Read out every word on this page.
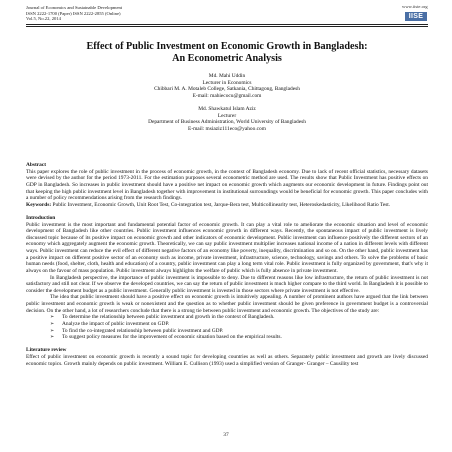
Journal of Economics and Sustainable Development
ISSN 2222-1700 (Paper) ISSN 2222-2855 (Online)
Vol.5, No.22, 2014
www.iiste.org
IISE
Effect of Public Investment on Economic Growth in Bangladesh:
An Econometric Analysis
Md. Mahi Uddin
Lecturer in Economics
Chibbari M. A. Motaleb College, Satkania, Chittagong, Bangladesh
E-mail: mahiecocu@gmail.com
Md. Shawkatul Islam Aziz
Lecturer
Department of Business Administration, World University of Bangladesh
E-mail: msiaziz111eco@yahoo.com

Abstract

This paper explores the role of public investment in the process of economic growth, in the context of Bangladesh economy. Due to lack of recent official statistics, necessary datasets were devised by the author for the period 1973-2011. For the estimation purposes several econometric method are used. The results show that Public Investment has positive effects on GDP in Bangladesh. So increases in public investment should have a positive net impact on economic growth which augments our economic development in future. Findings point out that keeping the high public investment level in Bangladesh together with improvement in institutional surroundings would be beneficial for economic growth. This paper concludes with a number of policy recommendations arising from the research findings.

Keywords: Public Investment, Economic Growth, Unit Root Test, Co-integration test, Jarque-Bera test, Multicollinearity test, Heteroskedasticity, Likelihood Ratio Test.

Introduction

Public investment is the most important and fundamental potential factor of economic growth. It can play a vital role to ameliorate the economic situation and level of economic development of Bangladesh like other countries. Public investment influences economic growth in different ways. Recently, the spontaneous impact of public investment is lively discussed topic because of its positive impact on economic growth and other indicators of economic development. Public investment can influence positively the different sectors of an economy which aggregately augment the economic growth. Theoretically, we can say public investment multiplier increases national income of a nation in different levels with different ways. Public investment can reduce the evil effect of different negative factors of an economy like poverty, inequality, discrimination and so on. On the other hand, public investment has a positive impact on different positive sector of an economy such as income, private investment, infrastructure, science, technology, savings and others. To solve the problems of basic human needs (food, shelter, cloth, health and education) of a country, public investment can play a long term vital role. Public investment is fully organized by government, that's why it always on the favour of mass population. Public investment always highlights the welfare of public which is fully absence in private investment.

In Bangladesh perspective, the importance of public investment is impossible to deny. Due to different reasons like low infrastructure, the return of public investment is not satisfactory and still not clear. If we observe the developed countries, we can say the return of public investment is much higher compare to the third world. In Bangladesh it is possible to consider the development budget as a public investment. Generally public investment is invested in those sectors where private investment is not effective.

The idea that public investment should have a positive effect on economic growth is intuitively appealing. A number of prominent authors have argued that the link between public investment and economic growth is weak or nonexistent and the question as to whether public investment should be given preference in government budget is a controversial decision. On the other hand, a lot of researchers conclude that there is a strong tie between public investment and economic growth. The objectives of the study are:

➢ To determine the relationship between public investment and growth in the context of Bangladesh.
➢ Analyze the impact of public investment on GDP.
➢ To find the co-integrated relationship between public investment and GDP.
➢ To suggest policy measures for the improvement of economic situation based on the empirical results.

Literature review

Effect of public investment on economic growth is recently a sound topic for developing countries as well as others. Separately public investment and growth are lively discussed economic topics. Growth mainly depends on public investment. William E. Cullison (1993) used a simplified version of Granger- Granger – Causility test

37
